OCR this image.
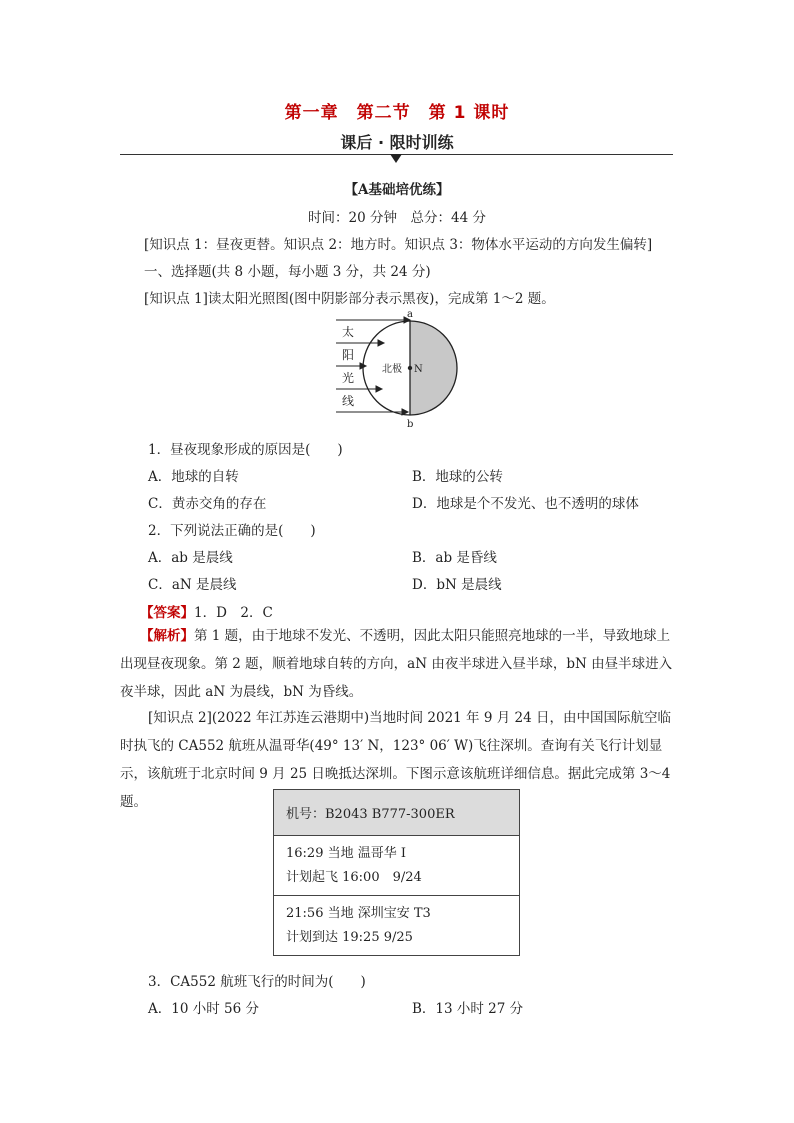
第一章　第二节　第 1 课时
课后 · 限时训练
【A基础培优练】
时间：20 分钟　总分：44 分
[知识点 1：昼夜更替。知识点 2：地方时。知识点 3：物体水平运动的方向发生偏转]
一、选择题(共 8 小题，每小题 3 分，共 24 分)
[知识点 1]读太阳光照图(图中阴影部分表示黑夜)，完成第 1～2 题。
太
阳
光
线
a
b
北极 N
1．昼夜现象形成的原因是(　　)
A．地球的自转	B．地球的公转
C．黄赤交角的存在	D．地球是个不发光、也不透明的球体
2．下列说法正确的是(　　)
A．ab 是晨线	B．ab 是昏线
C．aN 是晨线	D．bN 是晨线
【答案】1．D　2．C
【解析】第 1 题，由于地球不发光、不透明，因此太阳只能照亮地球的一半，导致地球上出现昼夜现象。第 2 题，顺着地球自转的方向，aN 由夜半球进入昼半球，bN 由昼半球进入夜半球，因此 aN 为晨线，bN 为昏线。
[知识点 2](2022 年江苏连云港期中)当地时间 2021 年 9 月 24 日，由中国国际航空临时执飞的 CA552 航班从温哥华(49° 13′ N，123° 06′ W)飞往深圳。查询有关飞行计划显示，该航班于北京时间 9 月 25 日晚抵达深圳。下图示意该航班详细信息。据此完成第 3～4 题。
机号：B2043 B777-300ER
16:29 当地 温哥华 I
计划起飞 16:00　9/24
21:56 当地 深圳宝安 T3
计划到达 19:25 9/25
3．CA552 航班飞行的时间为(　　)
A．10 小时 56 分	B．13 小时 27 分
